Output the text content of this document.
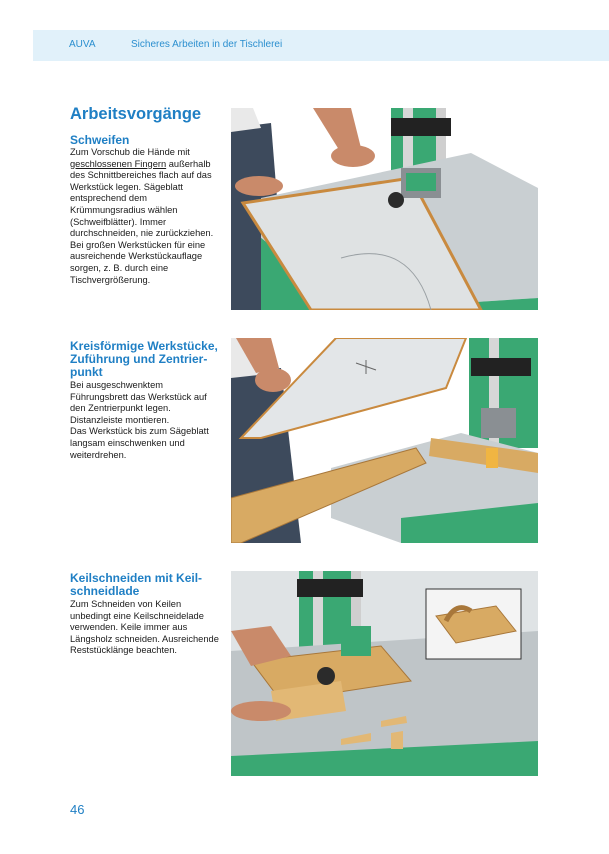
AUVA	Sicheres Arbeiten in der Tischlerei
Arbeitsvorgänge
Schweifen

Zum Vorschub die Hände mit geschlossenen Fingern außerhalb des Schnittbereiches flach auf das Werkstück legen. Sägeblatt entsprechend dem Krümmungsradius wählen (Schweifblätter). Immer durchschneiden, nie zurückziehen. Bei großen Werkstücken für eine ausreichende Werkstückauflage sorgen, z. B. durch eine Tischvergrößerung.

Kreisförmige Werkstücke,
Zuführung und Zentrier-
punkt

Bei ausgeschwenktem Führungsbrett das Werkstück auf den Zentrierpunkt legen. Distanzleiste montieren.
Das Werkstück bis zum Sägeblatt langsam einschwenken und weiterdrehen.

Keilschneiden mit Keil-
schneidlade

Zum Schneiden von Keilen unbedingt eine Keilschneidelade verwenden. Keile immer aus Längsholz schneiden. Ausreichende Reststücklänge beachten.

46
